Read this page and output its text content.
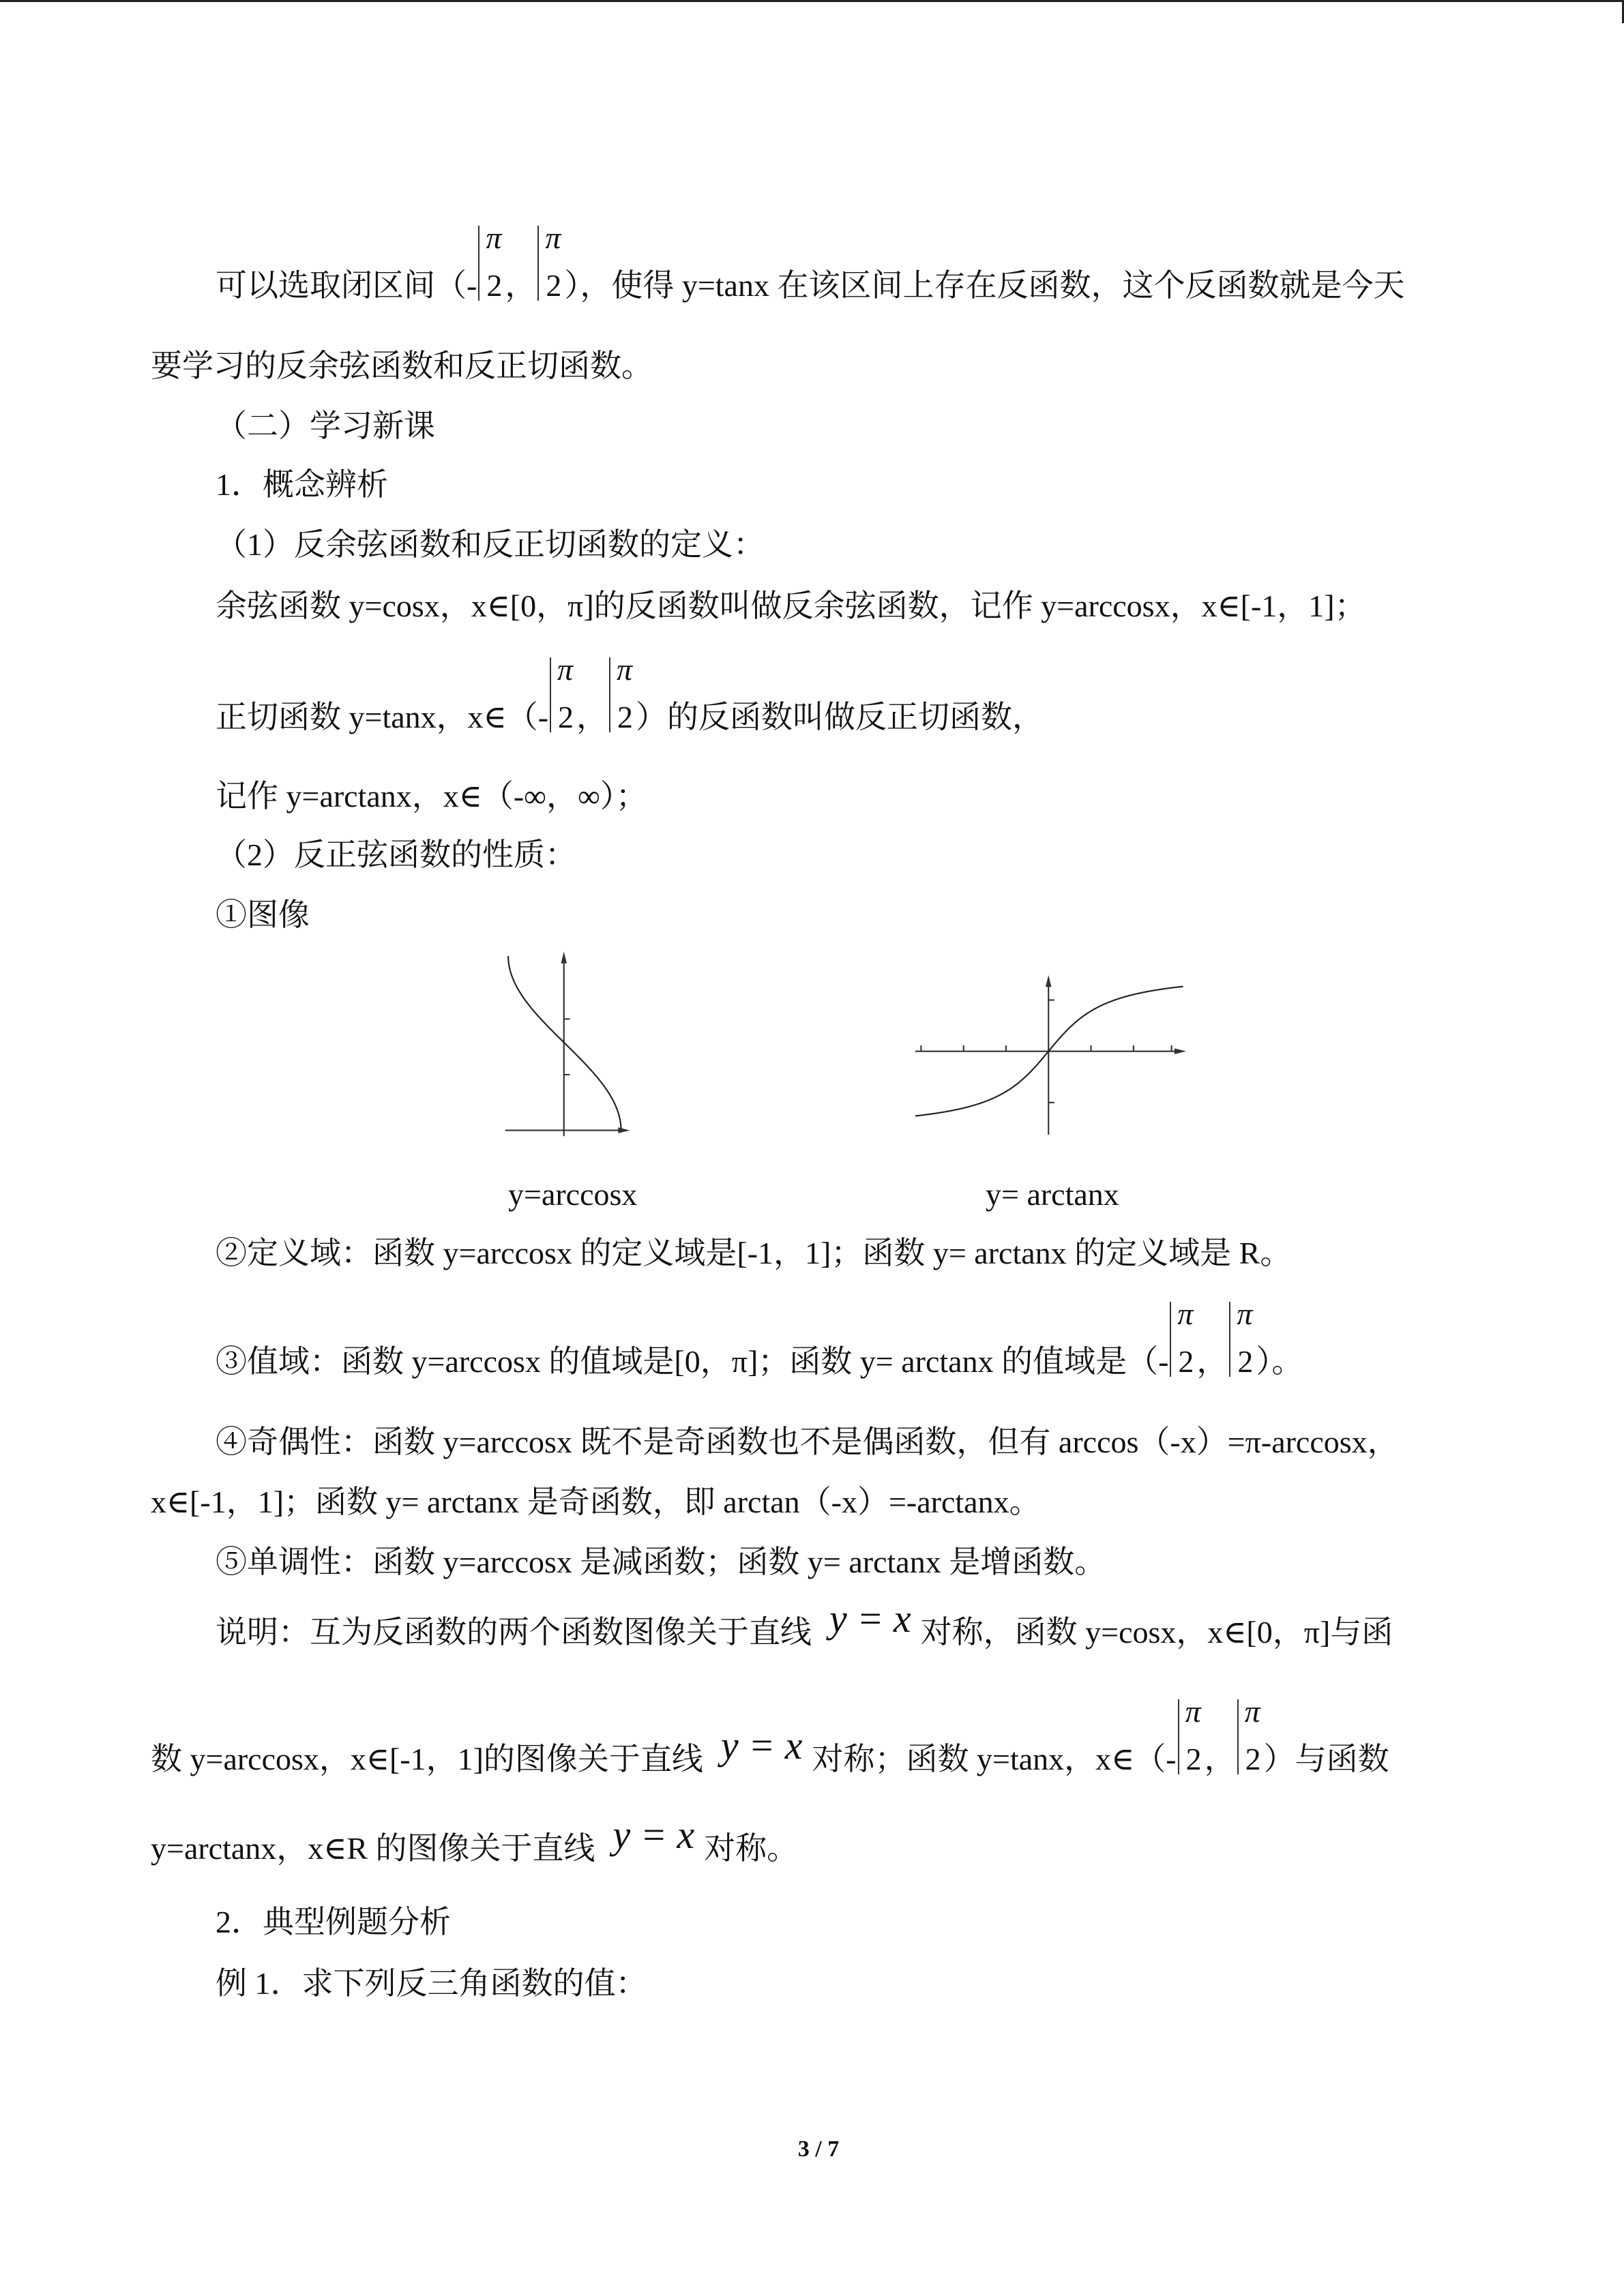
可以选取闭区间（-
π
2，
π
2），使得 y=tanx 在该区间上存在反函数，这个反函数就是今天
要学习的反余弦函数和反正切函数。
（二）学习新课
1．概念辨析
（1）反余弦函数和反正切函数的定义：
余弦函数 y=cosx，x∈[0，π]的反函数叫做反余弦函数，记作 y=arccosx，x∈[-1，1]；
正切函数 y=tanx，x∈（-
π
2，
π
2）的反函数叫做反正切函数，
记作 y=arctanx，x∈（-∞，∞）；
（2）反正弦函数的性质：
①图像
y=arccosx	y= arctanx
②定义域：函数 y=arccosx 的定义域是[-1，1]；函数 y= arctanx 的定义域是 R。
③值域：函数 y=arccosx 的值域是[0，π]；函数 y= arctanx 的值域是（-
π
2，
π
2）。
④奇偶性：函数 y=arccosx 既不是奇函数也不是偶函数，但有 arccos（-x）=π-arccosx，
x∈[-1，1]；函数 y= arctanx 是奇函数，即 arctan（-x）=-arctanx。
⑤单调性：函数 y=arccosx 是减函数；函数 y= arctanx 是增函数。
说明：互为反函数的两个函数图像关于直线 y = x 对称，函数 y=cosx，x∈[0，π]与函
数 y=arccosx，x∈[-1，1]的图像关于直线 y = x 对称；函数 y=tanx，x∈（-
π
2，
π
2）与函数
y=arctanx，x∈R 的图像关于直线 y = x 对称。
2．典型例题分析
例 1．求下列反三角函数的值：
3 / 7
